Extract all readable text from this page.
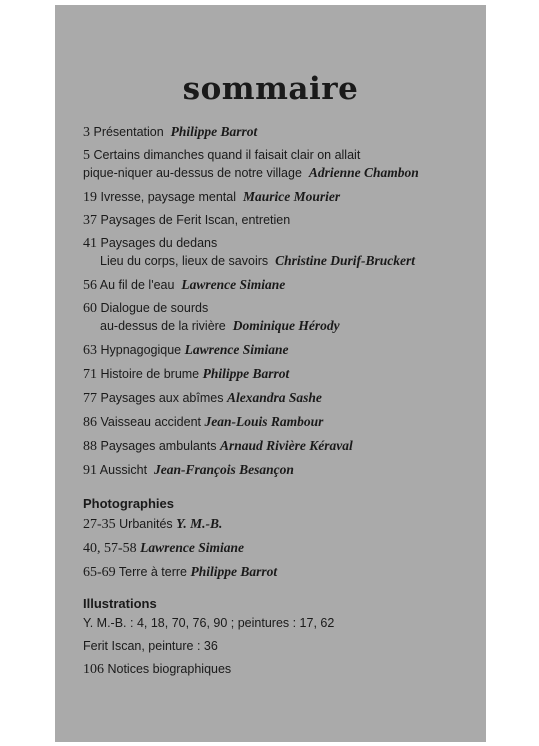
sommaire
3 Présentation Philippe Barrot
5 Certains dimanches quand il faisait clair on allait
pique-niquer au-dessus de notre village Adrienne Chambon
19 Ivresse, paysage mental Maurice Mourier
37 Paysages de Ferit Iscan, entretien
41 Paysages du dedans
Lieu du corps, lieux de savoirs Christine Durif-Bruckert
56 Au fil de l'eau Lawrence Simiane
60 Dialogue de sourds
au-dessus de la rivière Dominique Hérody
63 Hypnagogique Lawrence Simiane
71 Histoire de brume Philippe Barrot
77 Paysages aux abîmes Alexandra Sashe
86 Vaisseau accident Jean-Louis Rambour
88 Paysages ambulants Arnaud Rivière Kéraval
91 Aussicht Jean-François Besançon
Photographies
27-35 Urbanités Y. M.-B.
40, 57-58 Lawrence Simiane
65-69 Terre à terre Philippe Barrot
Illustrations
Y. M.-B. : 4, 18, 70, 76, 90 ; peintures : 17, 62
Ferit Iscan, peinture : 36
106 Notices biographiques
